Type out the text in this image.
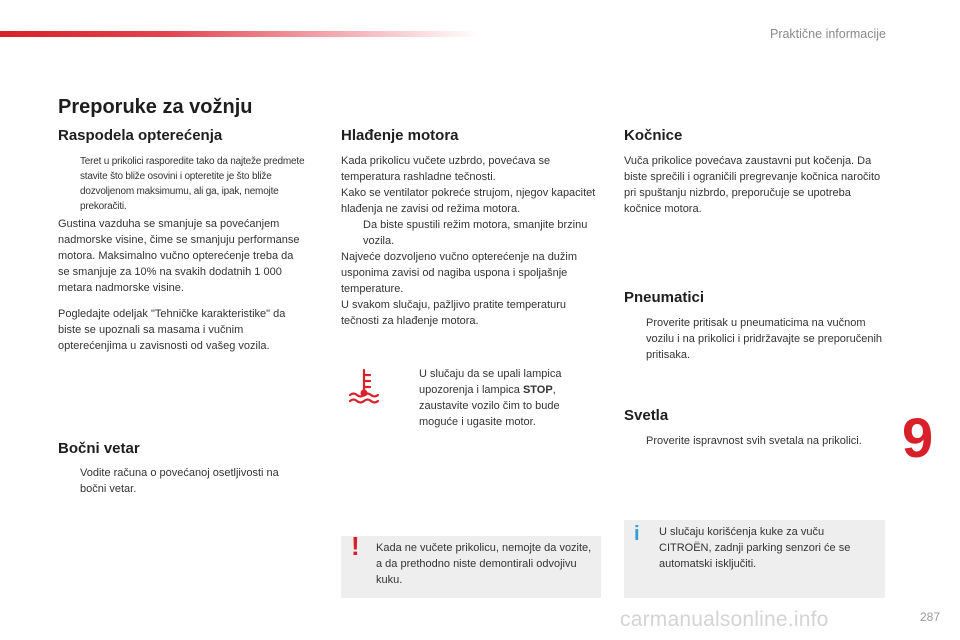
Praktične informacije
9
Preporuke za vožnju
Raspodela opterećenja
Teret u prikolici rasporedite tako da najteže predmete stavite što bliže osovini i opteretite je što bliže dozvoljenom maksimumu, ali ga, ipak, nemojte prekoračiti.

Gustina vazduha se smanjuje sa povećanjem nadmorske visine, čime se smanjuju performanse motora. Maksimalno vučno opterećenje treba da se smanjuje za 10% na svakih dodatnih 1 000 metara nadmorske visine.

Pogledajte odeljak "Tehničke karakteristike" da biste se upoznali sa masama i vučnim opterećenjima u zavisnosti od vašeg vozila.

Bočni vetar
Vodite računa o povećanoj osetljivosti na bočni vetar.
Hlađenje motora

Kada prikolicu vučete uzbrdo, povećava se temperatura rashladne tečnosti.

Kako se ventilator pokreće strujom, njegov kapacitet hlađenja ne zavisi od režima motora.

Da biste spustili režim motora, smanjite brzinu vozila.

Najveće dozvoljeno vučno opterećenje na dužim usponima zavisi od nagiba uspona i spoljašnje temperature.

U svakom slučaju, pažljivo pratite temperaturu tečnosti za hlađenje motora.

U slučaju da se upali lampica upozorenja i lampica STOP, zaustavite vozilo čim to bude moguće i ugasite motor.
! Kada ne vučete prikolicu, nemojte da vozite, a da prethodno niste demontirali odvojivu kuku.

Kočnice

Vuča prikolice povećava zaustavni put kočenja. Da biste sprečili i ograničili pregrevanje kočnica naročito pri spuštanju nizbrdo, preporučuje se upotreba kočnice motora.

Pneumatici
Proverite pritisak u pneumaticima na vučnom vozilu i na prikolici i pridržavajte se preporučenih pritisaka.
Svetla
Proverite ispravnost svih svetala na prikolici.
i U slučaju korišćenja kuke za vuču CITROËN, zadnji parking senzori će se automatski isključiti.

287
carmanualsonline.info
